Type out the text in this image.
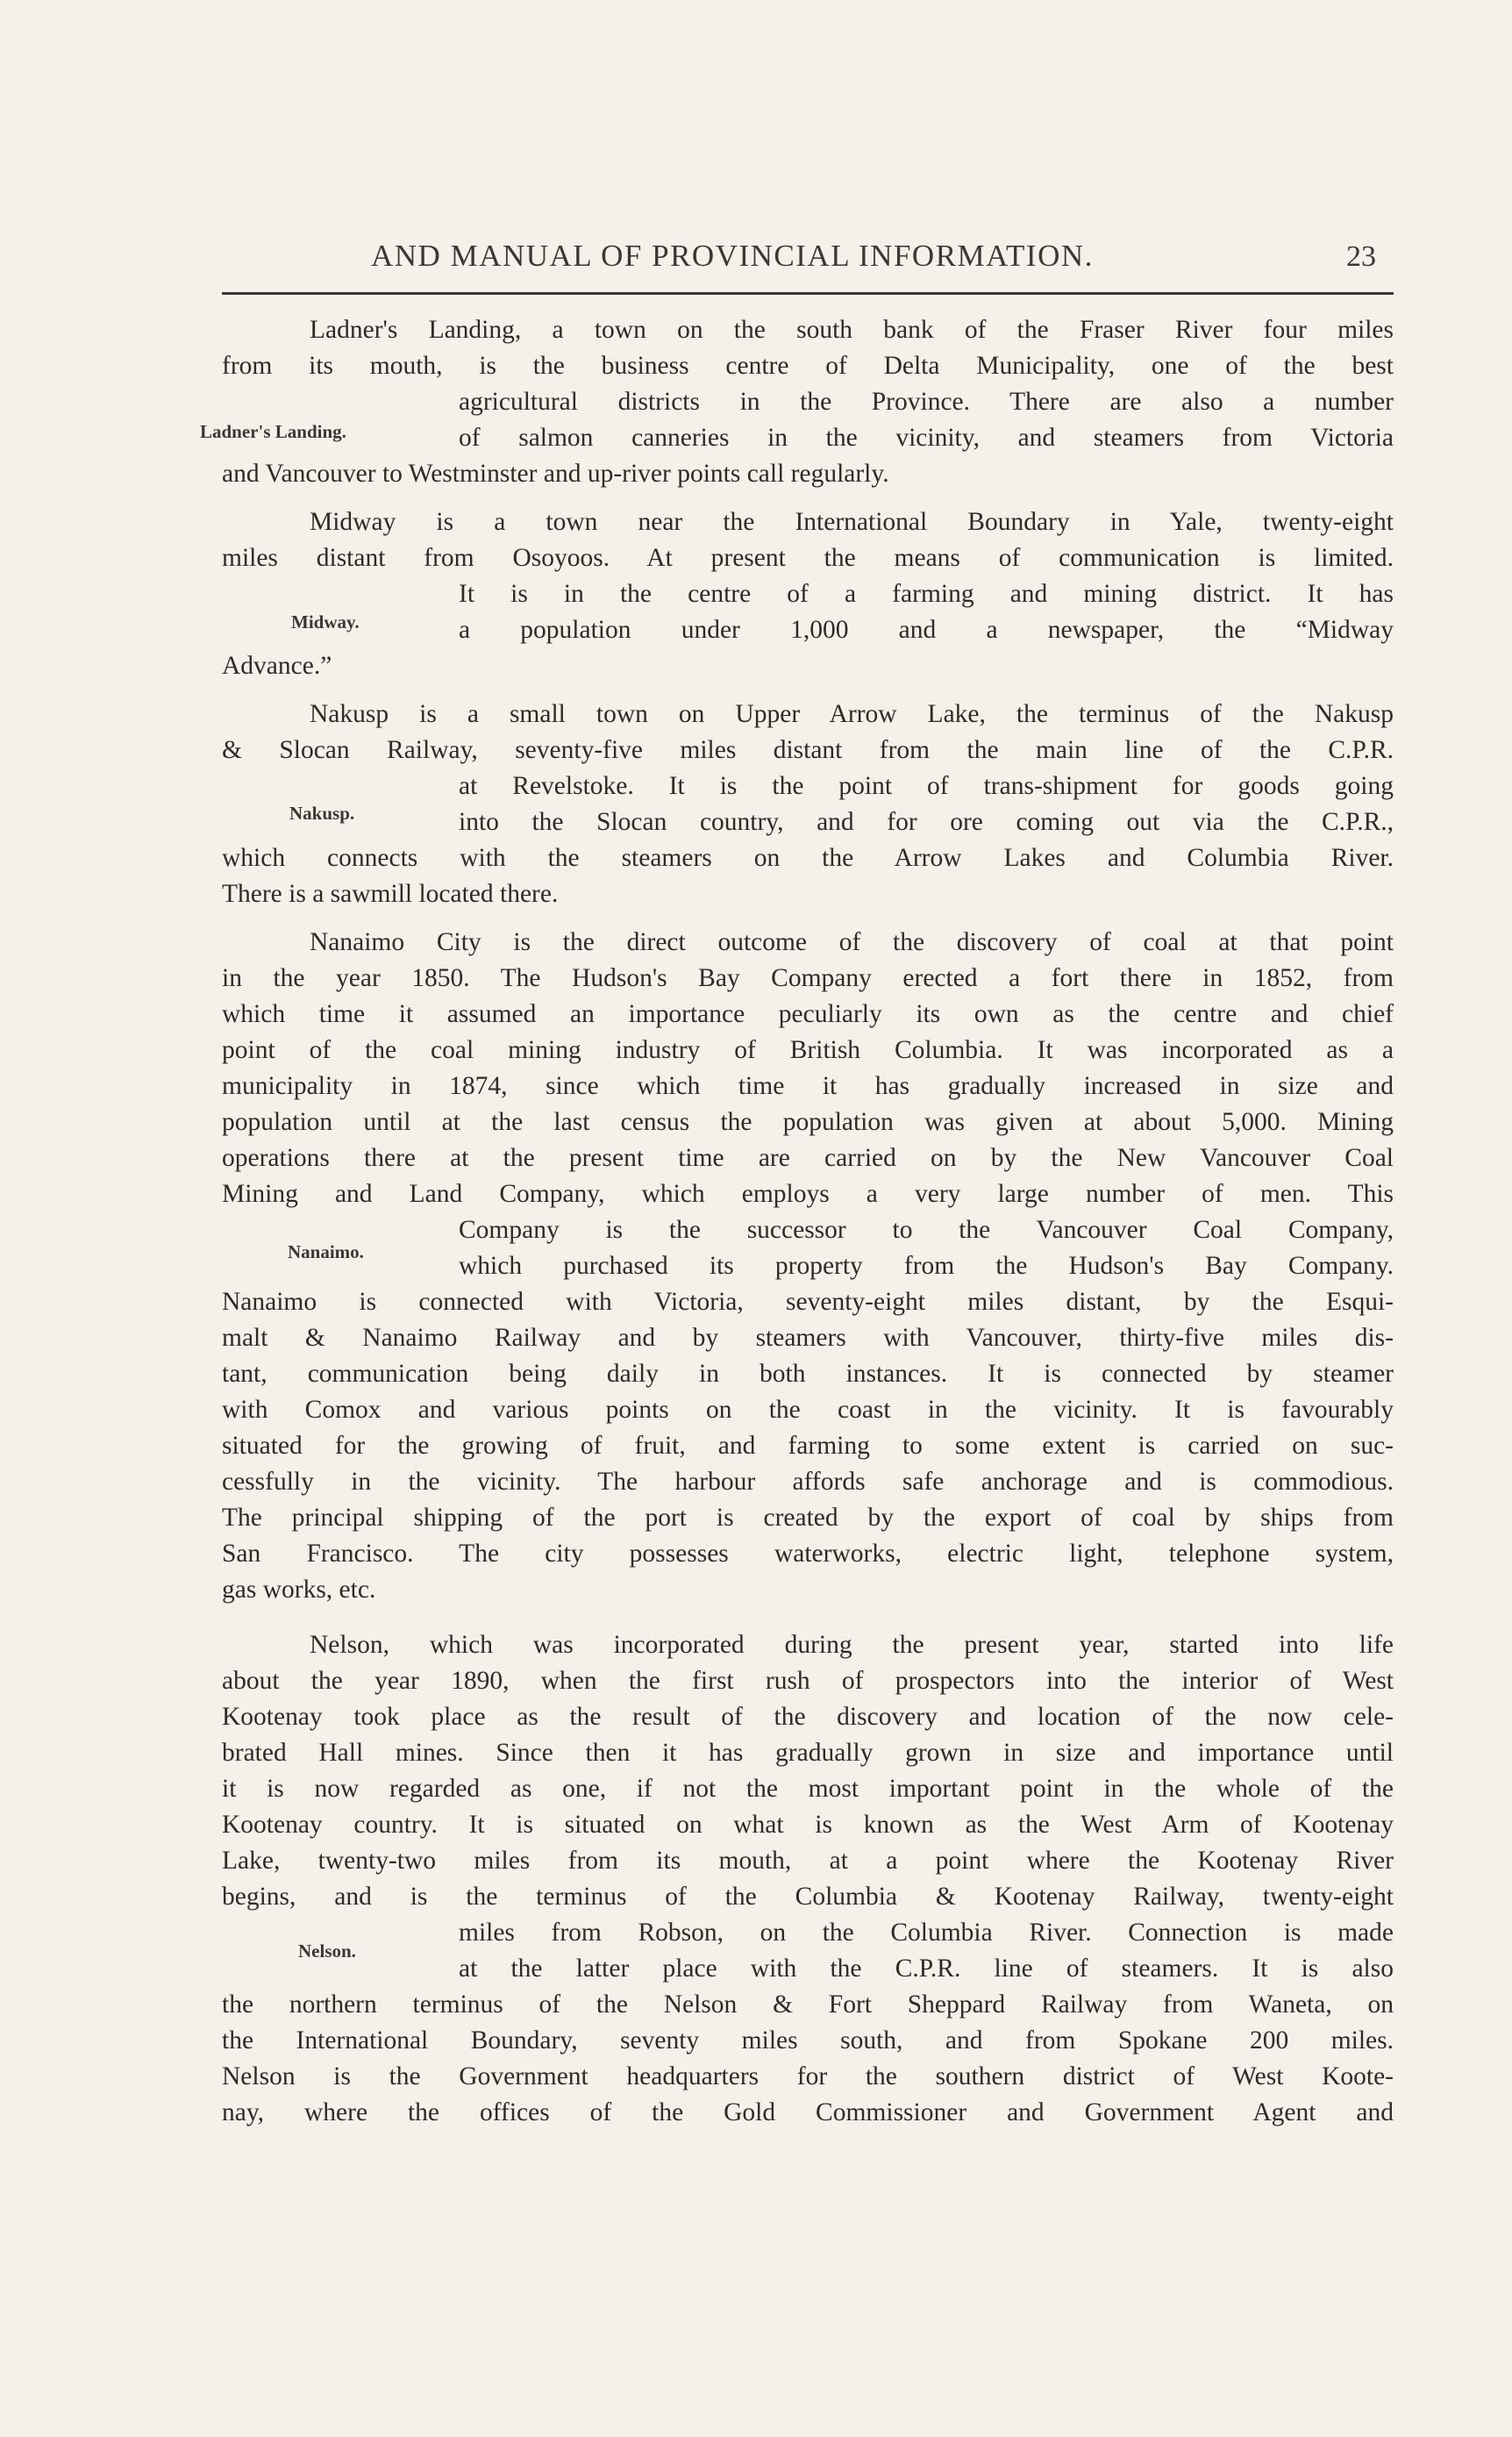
AND MANUAL OF PROVINCIAL INFORMATION.	23
Ladner's Landing, a town on the south bank of the Fraser River four miles
from its mouth, is the business centre of Delta Municipality, one of the best
agricultural districts in the Province. There are also a number
of salmon canneries in the vicinity, and steamers from Victoria
and Vancouver to Westminster and up-river points call regularly.
Midway is a town near the International Boundary in Yale, twenty-eight
miles distant from Osoyoos. At present the means of communication is limited.
It is in the centre of a farming and mining district. It has
a population under 1,000 and a newspaper, the “Midway
Advance.”
Nakusp is a small town on Upper Arrow Lake, the terminus of the Nakusp
& Slocan Railway, seventy-five miles distant from the main line of the C.P.R.
at Revelstoke. It is the point of trans-shipment for goods going
into the Slocan country, and for ore coming out via the C.P.R.,
which connects with the steamers on the Arrow Lakes and Columbia River.
There is a sawmill located there.
Nanaimo City is the direct outcome of the discovery of coal at that point
in the year 1850. The Hudson's Bay Company erected a fort there in 1852, from
which time it assumed an importance peculiarly its own as the centre and chief
point of the coal mining industry of British Columbia. It was incorporated as a
municipality in 1874, since which time it has gradually increased in size and
population until at the last census the population was given at about 5,000. Mining
operations there at the present time are carried on by the New Vancouver Coal
Mining and Land Company, which employs a very large number of men. This
Company is the successor to the Vancouver Coal Company,
which purchased its property from the Hudson's Bay Company.
Nanaimo is connected with Victoria, seventy-eight miles distant, by the Esqui-
malt & Nanaimo Railway and by steamers with Vancouver, thirty-five miles dis-
tant, communication being daily in both instances. It is connected by steamer
with Comox and various points on the coast in the vicinity. It is favourably
situated for the growing of fruit, and farming to some extent is carried on suc-
cessfully in the vicinity. The harbour affords safe anchorage and is commodious.
The principal shipping of the port is created by the export of coal by ships from
San Francisco. The city possesses waterworks, electric light, telephone system,
gas works, etc.
Nelson, which was incorporated during the present year, started into life
about the year 1890, when the first rush of prospectors into the interior of West
Kootenay took place as the result of the discovery and location of the now cele-
brated Hall mines. Since then it has gradually grown in size and importance until
it is now regarded as one, if not the most important point in the whole of the
Kootenay country. It is situated on what is known as the West Arm of Kootenay
Lake, twenty-two miles from its mouth, at a point where the Kootenay River
begins, and is the terminus of the Columbia & Kootenay Railway, twenty-eight
miles from Robson, on the Columbia River. Connection is made
at the latter place with the C.P.R. line of steamers. It is also
the northern terminus of the Nelson & Fort Sheppard Railway from Waneta, on
the International Boundary, seventy miles south, and from Spokane 200 miles.
Nelson is the Government headquarters for the southern district of West Koote-
nay, where the offices of the Gold Commissioner and Government Agent and
Ladner's Landing.
Midway.
Nakusp.
Nanaimo.
Nelson.
